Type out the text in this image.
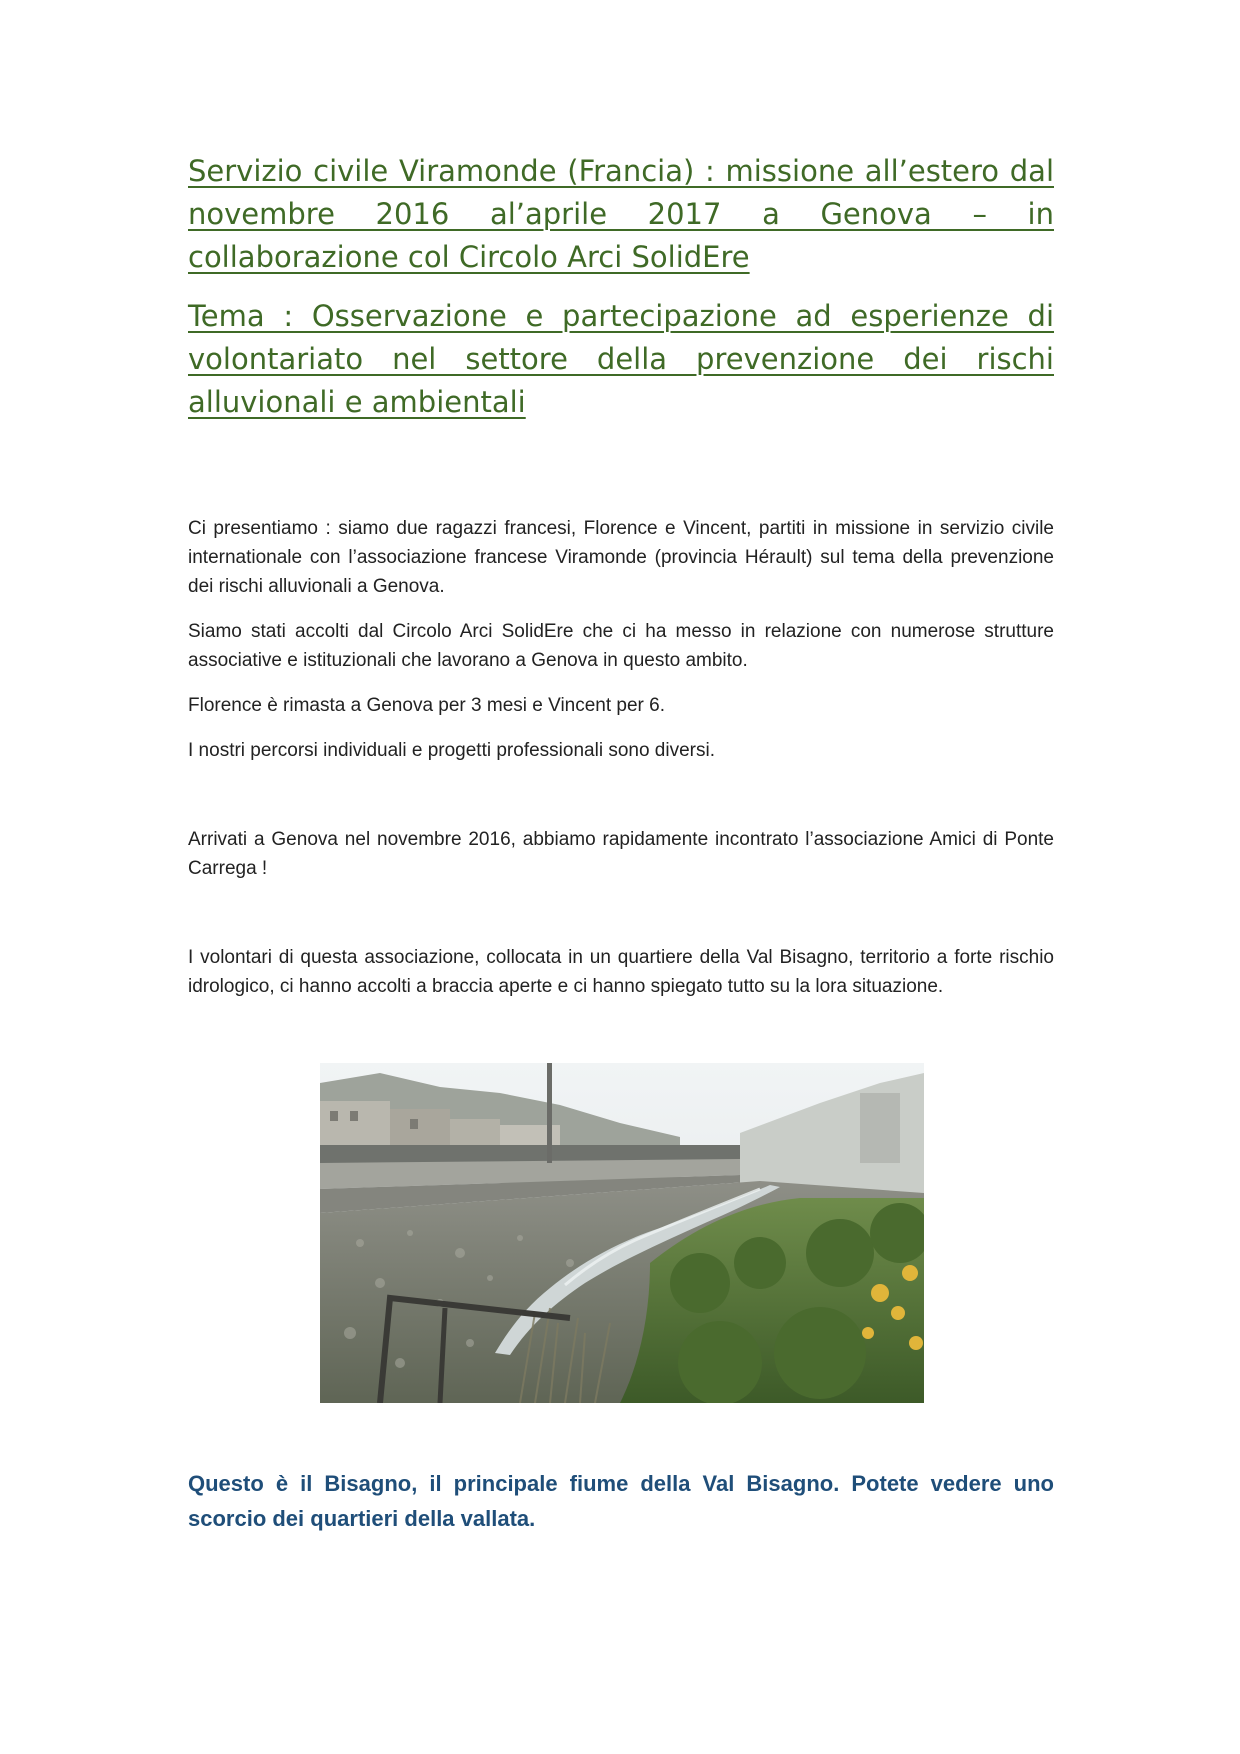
Servizio civile Viramonde (Francia) : missione all’estero dal novembre 2016 al’aprile 2017 a Genova – in collaborazione col Circolo Arci SolidEre
Tema : Osservazione e partecipazione ad esperienze di volontariato nel settore della prevenzione dei rischi alluvionali e ambientali

Ci presentiamo : siamo due ragazzi francesi, Florence e Vincent, partiti in missione in servizio civile internationale con l’associazione francese Viramonde (provincia Hérault) sul tema della prevenzione dei rischi alluvionali a Genova.

Siamo stati accolti dal Circolo Arci SolidEre che ci ha messo in relazione con numerose strutture associative e istituzionali che lavorano a Genova in questo ambito.

Florence è rimasta a Genova per 3 mesi e Vincent per 6.

I nostri percorsi individuali e progetti professionali sono diversi.

Arrivati a Genova nel novembre 2016, abbiamo rapidamente incontrato l’associazione Amici di Ponte Carrega !

I volontari di questa associazione, collocata in un quartiere della Val Bisagno, territorio a forte rischio idrologico, ci hanno accolti a braccia aperte e ci hanno spiegato tutto su la lora situazione.

Questo è il Bisagno, il principale fiume della Val Bisagno. Potete vedere uno scorcio dei quartieri della vallata.
